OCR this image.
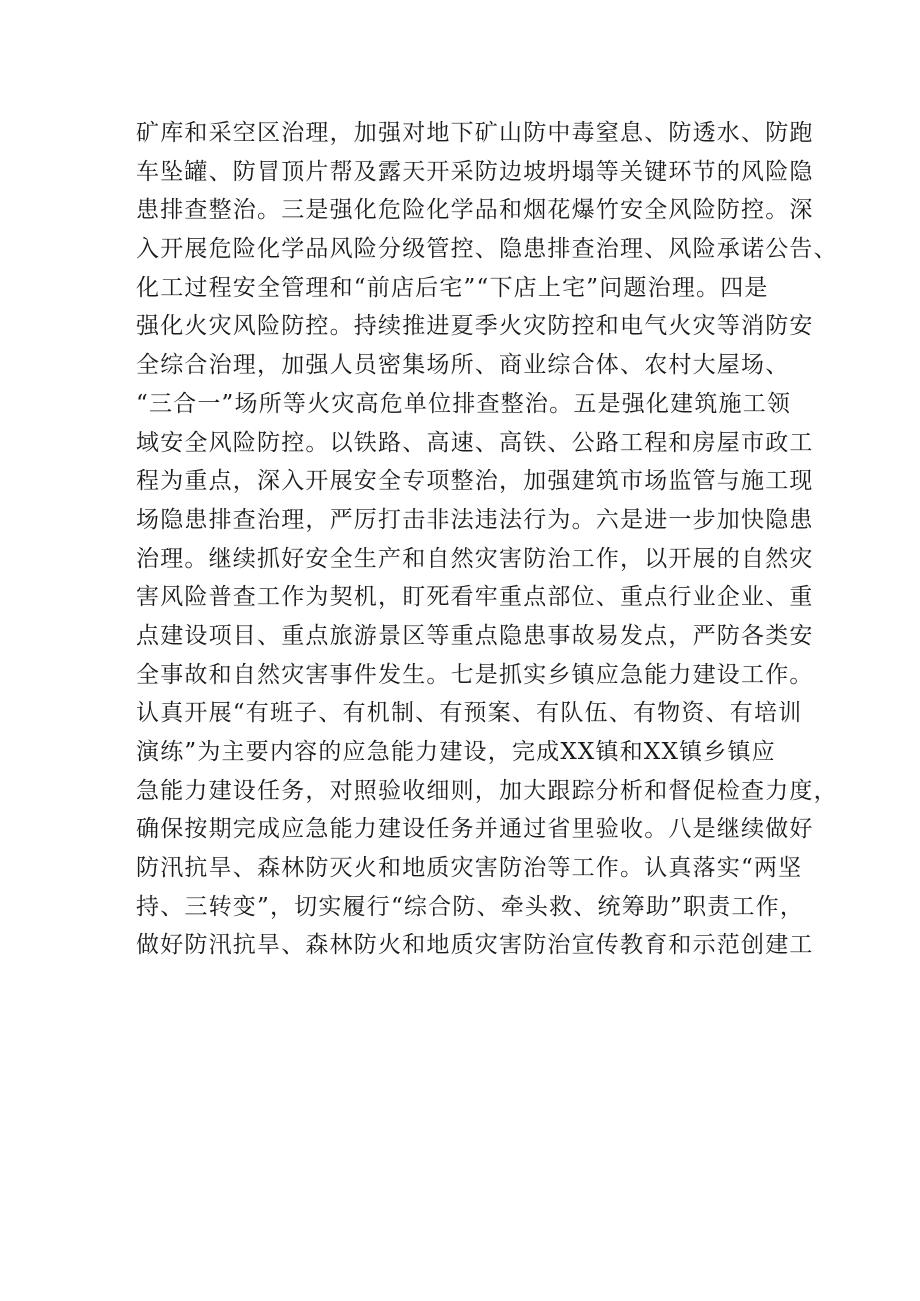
矿库和采空区治理，加强对地下矿山防中毒窒息、防透水、防跑
车坠罐、防冒顶片帮及露天开采防边坡坍塌等关键环节的风险隐
患排查整治。三是强化危险化学品和烟花爆竹安全风险防控。深
入开展危险化学品风险分级管控、隐患排查治理、风险承诺公告、
化工过程安全管理和“前店后宅”“下店上宅”问题治理。四是
强化火灾风险防控。持续推进夏季火灾防控和电气火灾等消防安
全综合治理，加强人员密集场所、商业综合体、农村大屋场、
“三合一”场所等火灾高危单位排查整治。五是强化建筑施工领
域安全风险防控。以铁路、高速、高铁、公路工程和房屋市政工
程为重点，深入开展安全专项整治，加强建筑市场监管与施工现
场隐患排查治理，严厉打击非法违法行为。六是进一步加快隐患
治理。继续抓好安全生产和自然灾害防治工作，以开展的自然灾
害风险普查工作为契机，盯死看牢重点部位、重点行业企业、重
点建设项目、重点旅游景区等重点隐患事故易发点，严防各类安
全事故和自然灾害事件发生。七是抓实乡镇应急能力建设工作。
认真开展“有班子、有机制、有预案、有队伍、有物资、有培训
演练”为主要内容的应急能力建设，完成XX镇和XX镇乡镇应
急能力建设任务，对照验收细则，加大跟踪分析和督促检查力度，
确保按期完成应急能力建设任务并通过省里验收。八是继续做好
防汛抗旱、森林防灭火和地质灾害防治等工作。认真落实“两坚
持、三转变”，切实履行“综合防、牵头救、统筹助”职责工作，
做好防汛抗旱、森林防火和地质灾害防治宣传教育和示范创建工
